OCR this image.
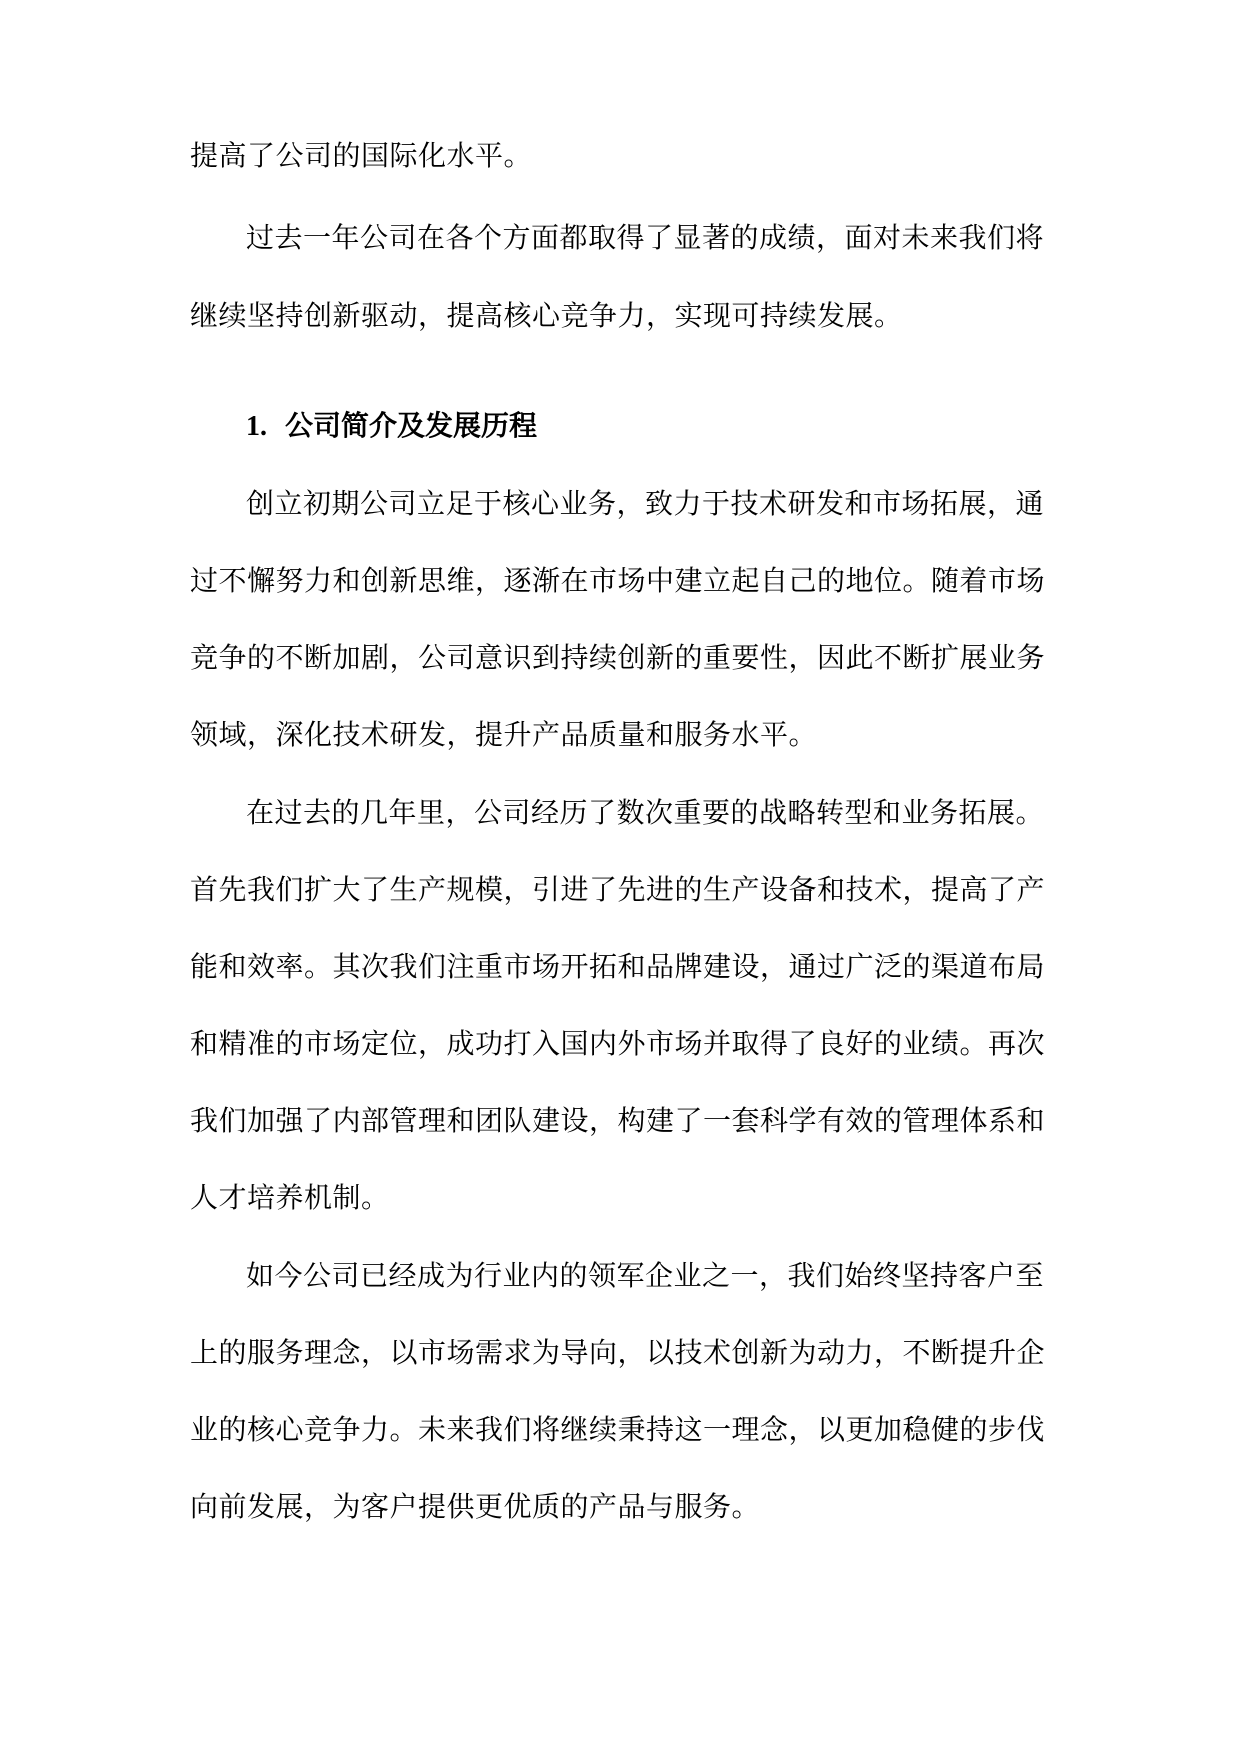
提高了公司的国际化水平。
过去一年公司在各个方面都取得了显著的成绩，面对未来我们将
继续坚持创新驱动，提高核心竞争力，实现可持续发展。
1. 公司简介及发展历程
创立初期公司立足于核心业务，致力于技术研发和市场拓展，通
过不懈努力和创新思维，逐渐在市场中建立起自己的地位。随着市场
竞争的不断加剧，公司意识到持续创新的重要性，因此不断扩展业务
领域，深化技术研发，提升产品质量和服务水平。
在过去的几年里，公司经历了数次重要的战略转型和业务拓展。
首先我们扩大了生产规模，引进了先进的生产设备和技术，提高了产
能和效率。其次我们注重市场开拓和品牌建设，通过广泛的渠道布局
和精准的市场定位，成功打入国内外市场并取得了良好的业绩。再次
我们加强了内部管理和团队建设，构建了一套科学有效的管理体系和
人才培养机制。
如今公司已经成为行业内的领军企业之一，我们始终坚持客户至
上的服务理念，以市场需求为导向，以技术创新为动力，不断提升企
业的核心竞争力。未来我们将继续秉持这一理念，以更加稳健的步伐
向前发展，为客户提供更优质的产品与服务。
